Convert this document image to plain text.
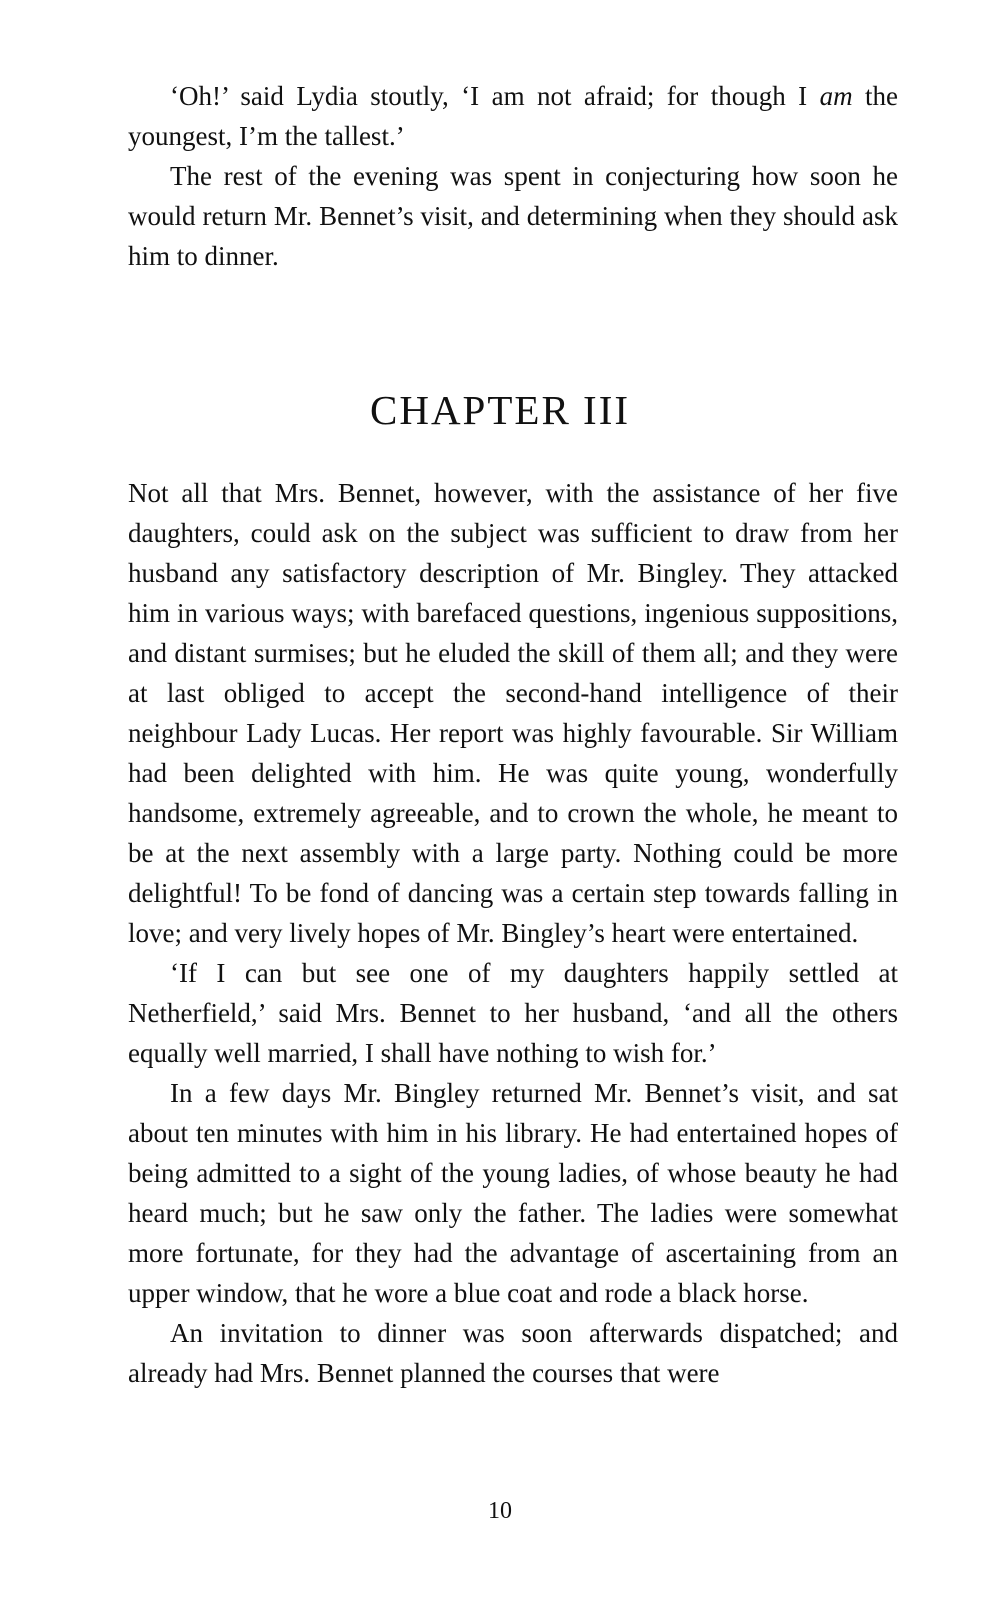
‘Oh!’ said Lydia stoutly, ‘I am not afraid; for though I am the youngest, I’m the tallest.’

The rest of the evening was spent in conjecturing how soon he would return Mr. Bennet’s visit, and determining when they should ask him to dinner.

CHAPTER III

Not all that Mrs. Bennet, however, with the assistance of her five daughters, could ask on the subject was sufficient to draw from her husband any satisfactory description of Mr. Bingley. They attacked him in various ways; with barefaced questions, ingenious suppositions, and distant surmises; but he eluded the skill of them all; and they were at last obliged to accept the second-hand intelligence of their neighbour Lady Lucas. Her report was highly favourable. Sir William had been delighted with him. He was quite young, wonderfully handsome, extremely agreeable, and to crown the whole, he meant to be at the next assembly with a large party. Nothing could be more delightful! To be fond of dancing was a certain step towards falling in love; and very lively hopes of Mr. Bingley’s heart were entertained.

‘If I can but see one of my daughters happily settled at Netherfield,’ said Mrs. Bennet to her husband, ‘and all the others equally well married, I shall have nothing to wish for.’

In a few days Mr. Bingley returned Mr. Bennet’s visit, and sat about ten minutes with him in his library. He had entertained hopes of being admitted to a sight of the young ladies, of whose beauty he had heard much; but he saw only the father. The ladies were somewhat more fortunate, for they had the advantage of ascertaining from an upper window, that he wore a blue coat and rode a black horse.

An invitation to dinner was soon afterwards dispatched; and already had Mrs. Bennet planned the courses that were

10
